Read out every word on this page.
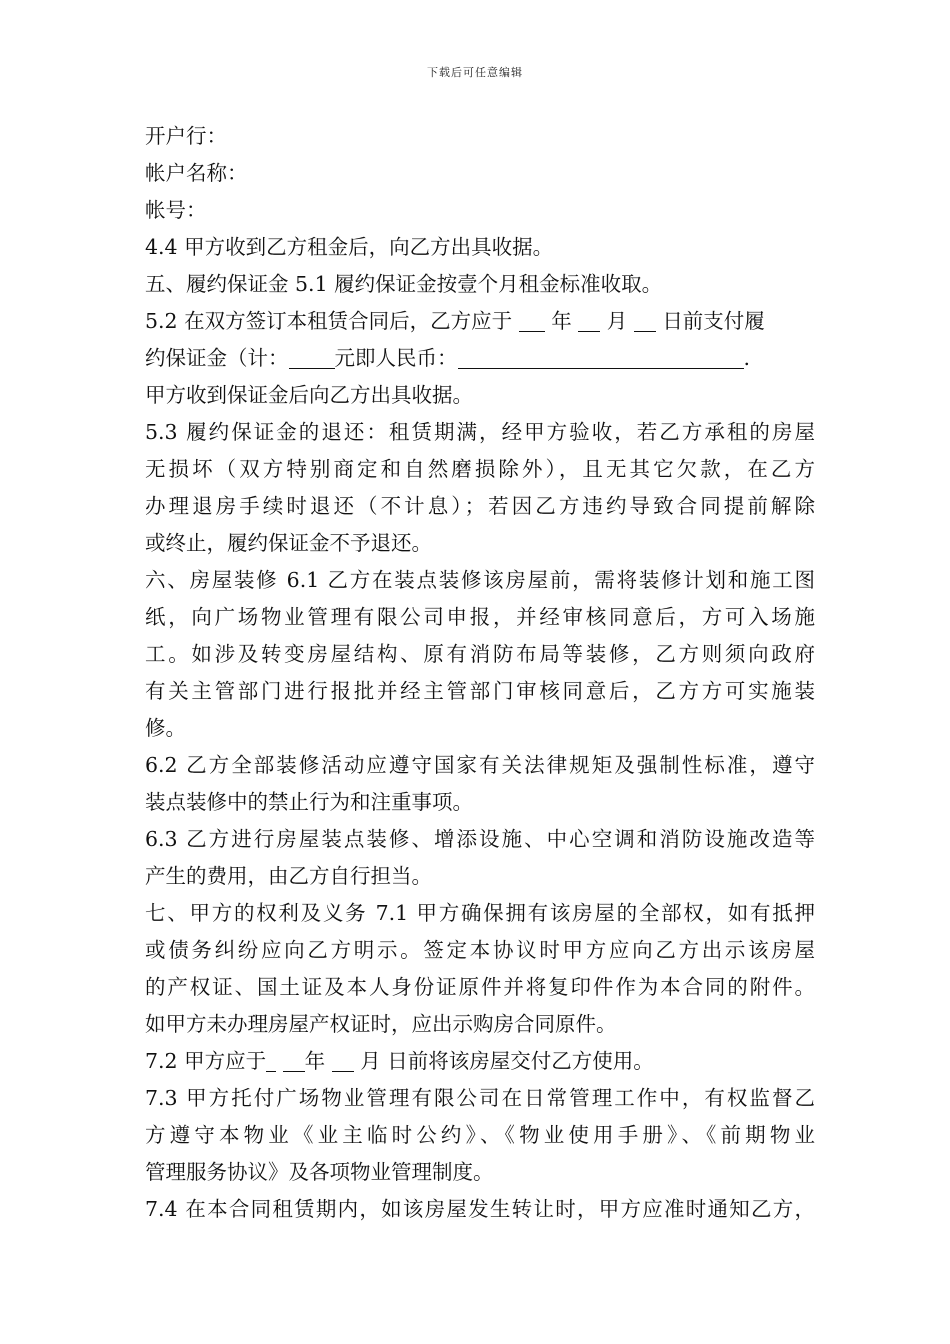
下载后可任意编辑
开户行：
帐户名称：
帐号：
4.4 甲方收到乙方租金后，向乙方出具收据。
五、履约保证金 5.1 履约保证金按壹个月租金标准收取。
5.2 在双方签订本租赁合同后，乙方应于 年 月 日前支付履
约保证金（计： 元即人民币：	.
甲方收到保证金后向乙方出具收据。
5.3 履约保证金的退还：租赁期满，经甲方验收，若乙方承租的房屋
无损坏（双方特别商定和自然磨损除外），且无其它欠款，在乙方
办理退房手续时退还（不计息）；若因乙方违约导致合同提前解除
或终止，履约保证金不予退还。
六、房屋装修 6.1 乙方在装点装修该房屋前，需将装修计划和施工图
纸，向广场物业管理有限公司申报，并经审核同意后，方可入场施
工。如涉及转变房屋结构、原有消防布局等装修，乙方则须向政府
有关主管部门进行报批并经主管部门审核同意后，乙方方可实施装
修。
6.2 乙方全部装修活动应遵守国家有关法律规矩及强制性标准，遵守
装点装修中的禁止行为和注重事项。
6.3 乙方进行房屋装点装修、增添设施、中心空调和消防设施改造等
产生的费用，由乙方自行担当。
七、甲方的权利及义务 7.1 甲方确保拥有该房屋的全部权，如有抵押
或债务纠纷应向乙方明示。签定本协议时甲方应向乙方出示该房屋
的产权证、国土证及本人身份证原件并将复印件作为本合同的附件。
如甲方未办理房屋产权证时，应出示购房合同原件。
7.2 甲方应于 年 月 日前将该房屋交付乙方使用。
7.3 甲方托付广场物业管理有限公司在日常管理工作中，有权监督乙
方遵守本物业《业主临时公约》、《物业使用手册》、《前期物业
管理服务协议》及各项物业管理制度。
7.4 在本合同租赁期内，如该房屋发生转让时，甲方应准时通知乙方，
